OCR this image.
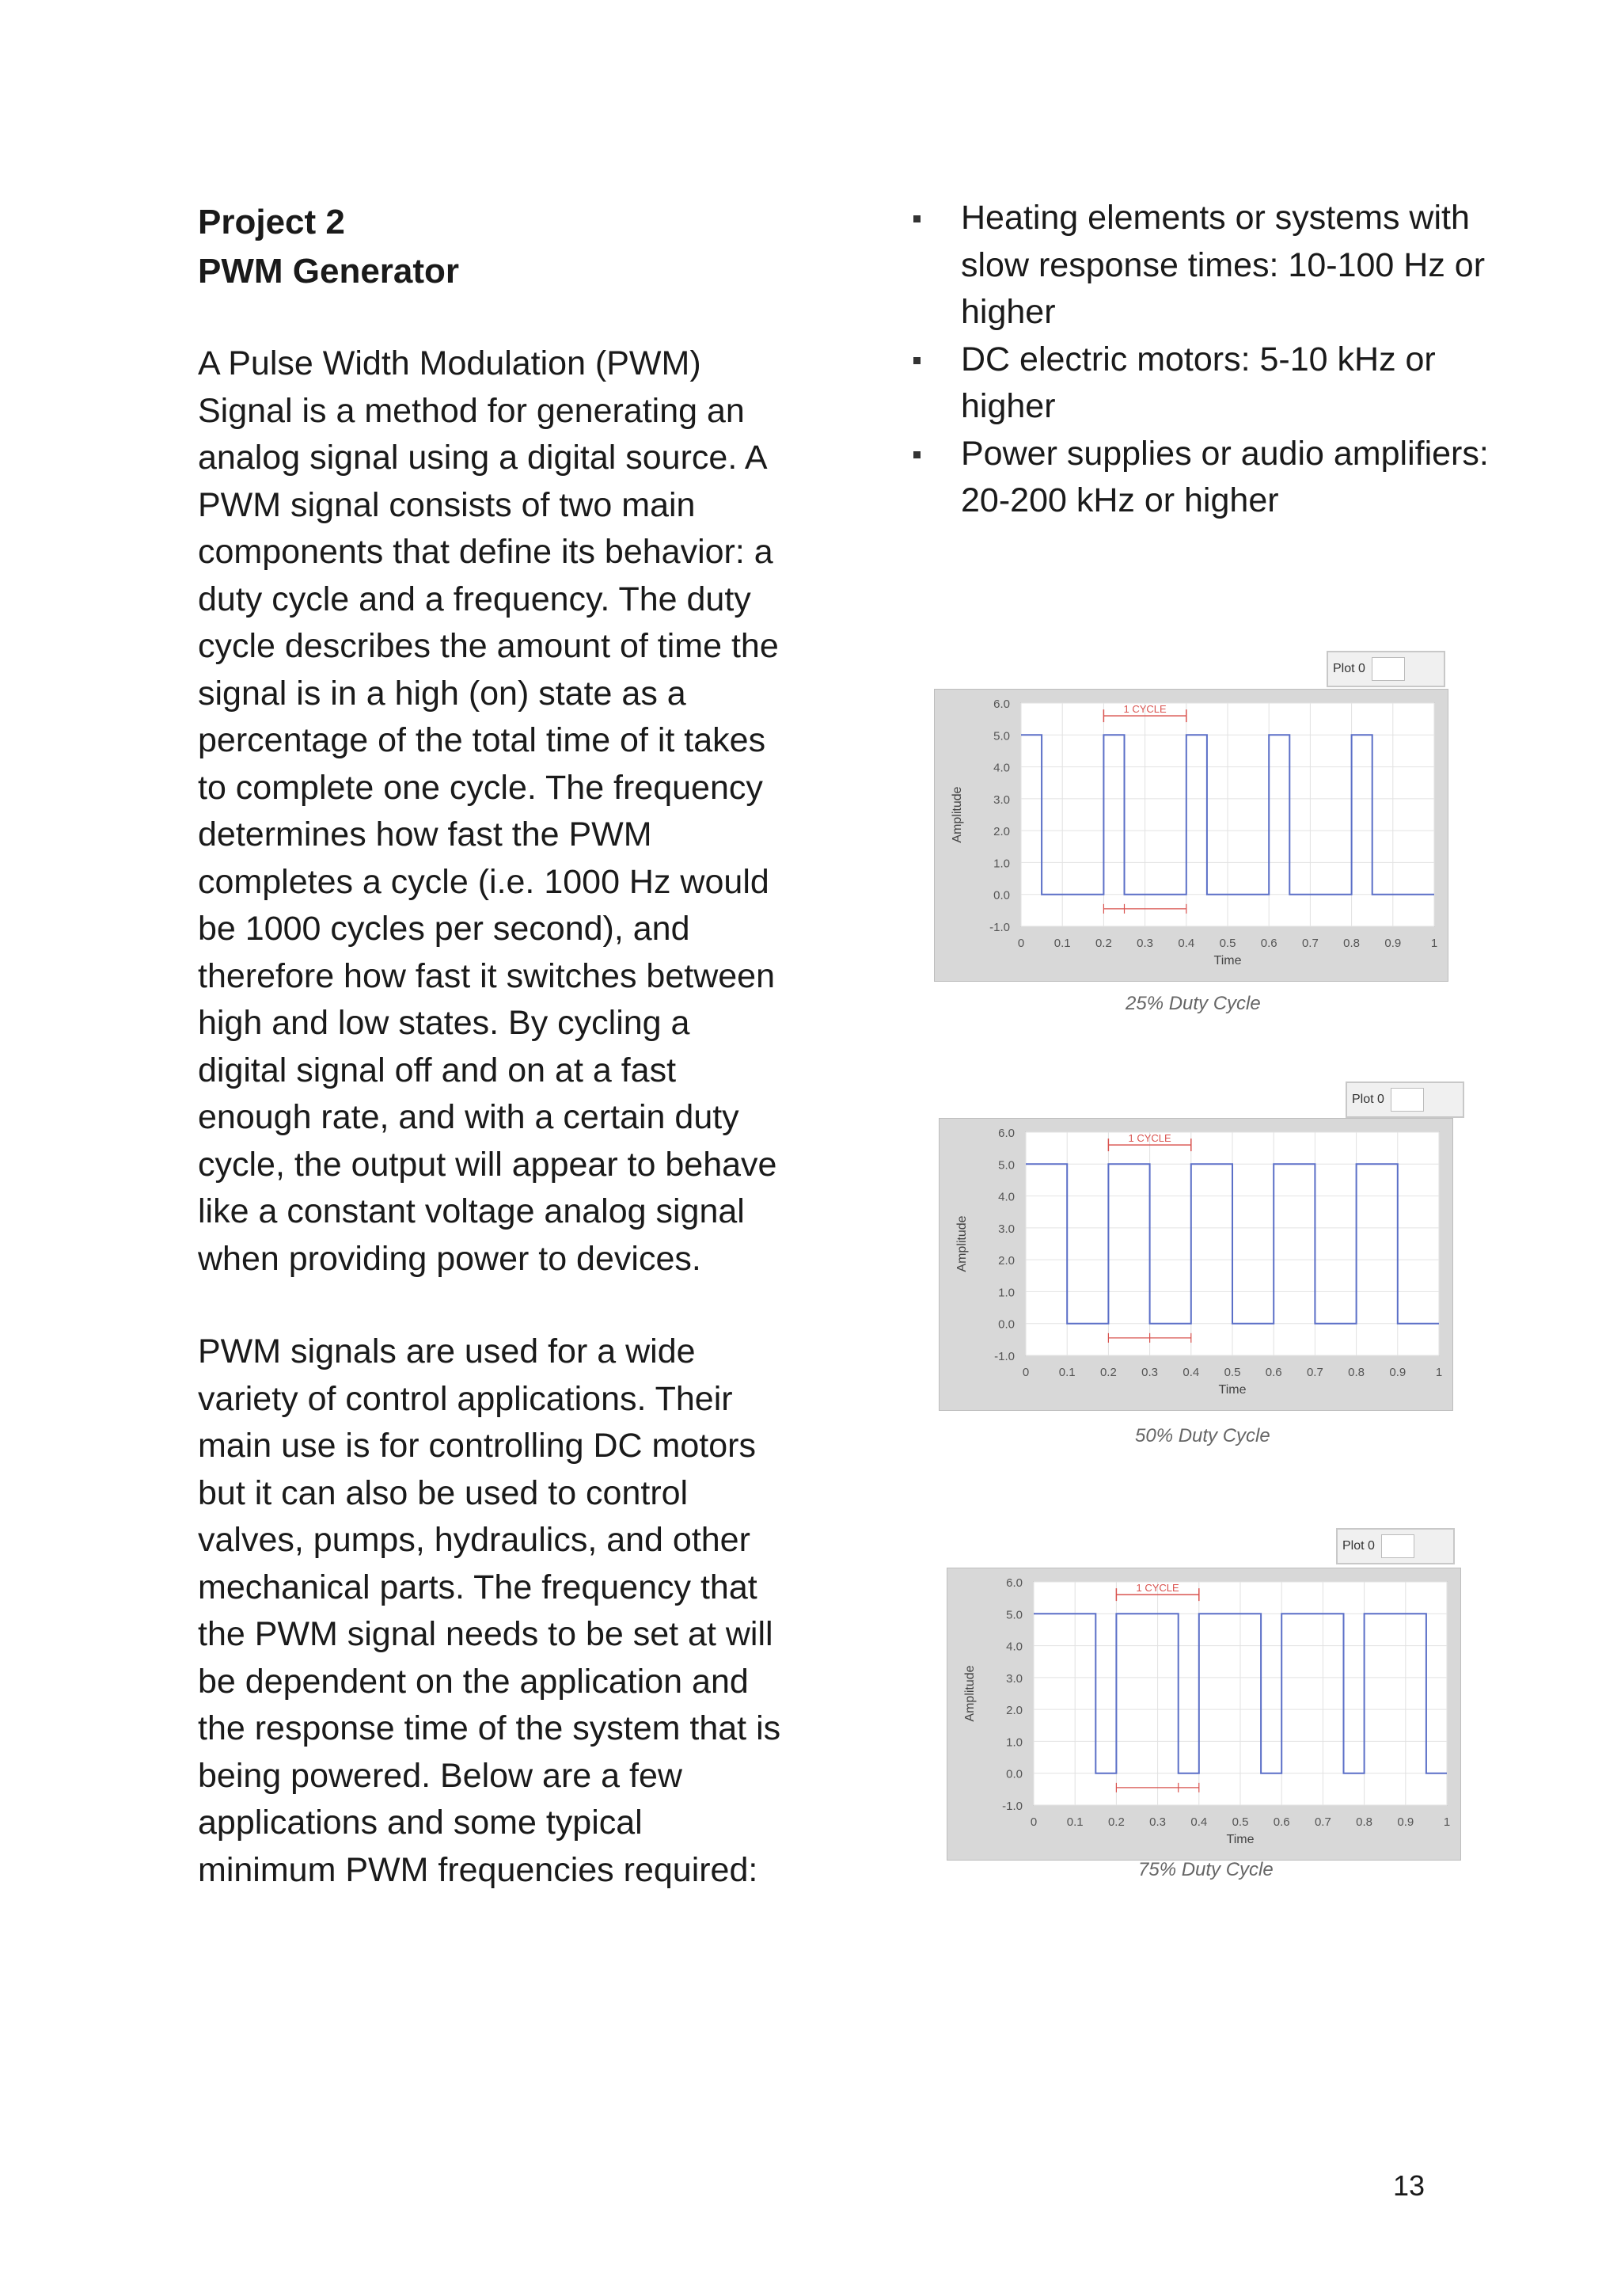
Project 2

PWM Generator

A Pulse Width Modulation (PWM) Signal is a method for generating an analog signal using a digital source. A PWM signal consists of two main components that define its behavior: a duty cycle and a frequency. The duty cycle describes the amount of time the signal is in a high (on) state as a percentage of the total time of it takes to complete one cycle. The frequency determines how fast the PWM completes a cycle (i.e. 1000 Hz would be 1000 cycles per second), and therefore how fast it switches between high and low states. By cycling a digital signal off and on at a fast enough rate, and with a certain duty cycle, the output will appear to behave like a constant voltage analog signal when providing power to devices.

PWM signals are used for a wide variety of control applications. Their main use is for controlling DC motors but it can also be used to control valves, pumps, hydraulics, and other mechanical parts. The frequency that the PWM signal needs to be set at will be dependent on the application and the response time of the system that is being powered. Below are a few applications and some typical minimum PWM frequencies required:

Heating elements or systems with slow response times: 10-100 Hz or higher
DC electric motors: 5-10 kHz or higher
Power supplies or audio amplifiers: 20-200 kHz or higher
6.0
5.0
4.0
3.0
2.0
1.0
0.0
-1.0
0	0.1 0.2 0.3 0.4 0.5 0.6 0.7 0.8 0.9	1
Time
Amplitude
1 CYCLE
Plot 0
25% Duty Cycle
6.0
5.0
4.0
3.0
2.0
1.0
0.0
-1.0
0	0.1 0.2 0.3 0.4 0.5 0.6 0.7 0.8 0.9	1
Time
Amplitude
1 CYCLE
Plot 0
50% Duty Cycle
6.0
5.0
4.0
3.0
2.0
1.0
0.0
-1.0
0	0.1 0.2 0.3 0.4 0.5 0.6 0.7 0.8 0.9	1
Time
Amplitude
1 CYCLE
Plot 0
75% Duty Cycle
13
